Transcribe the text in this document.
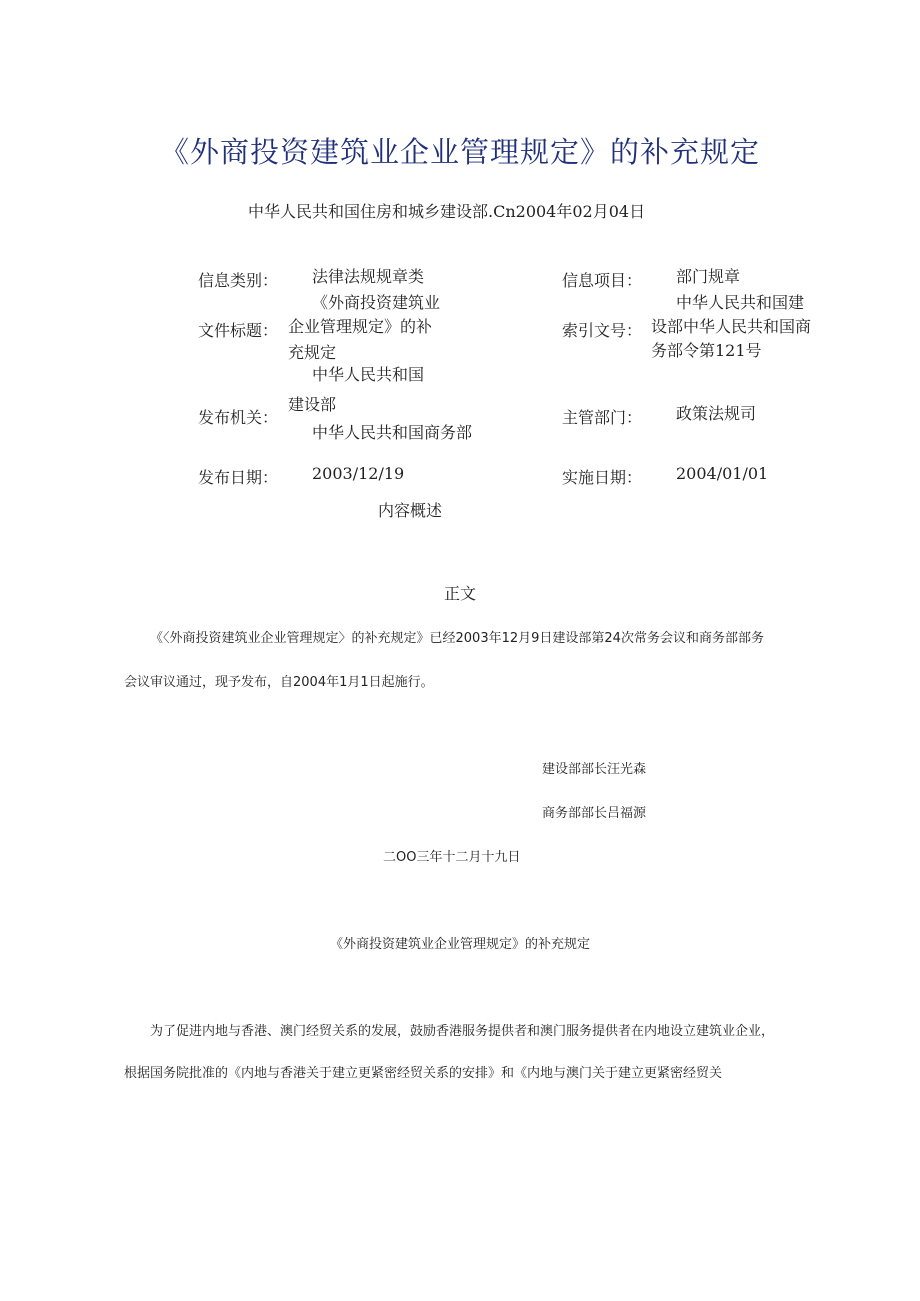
《外商投资建筑业企业管理规定》的补充规定
中华人民共和国住房和城乡建设部.Cn2004年02月04日
信息类别： 法律法规规章类	信息项目： 部门规章
《外商投资建筑业
文件标题： 企业管理规定》的补
充规定
中华人民共和国建
索引文号： 设部中华人民共和国商
务部令第121号
中华人民共和国
建设部
发布机关：
中华人民共和国商务部
主管部门： 政策法规司
发布日期： 2003/12/19	实施日期： 2004/01/01
内容概述
正文
《〈外商投资建筑业企业管理规定〉的补充规定》已经2003年12月9日建设部第24次常务会议和商务部部务
会议审议通过，现予发布，自2004年1月1日起施行。
建设部部长汪光森
商务部部长吕福源
二OO三年十二月十九日
《外商投资建筑业企业管理规定》的补充规定
为了促进内地与香港、澳门经贸关系的发展，鼓励香港服务提供者和澳门服务提供者在内地设立建筑业企业，
根据国务院批准的《内地与香港关于建立更紧密经贸关系的安排》和《内地与澳门关于建立更紧密经贸关
